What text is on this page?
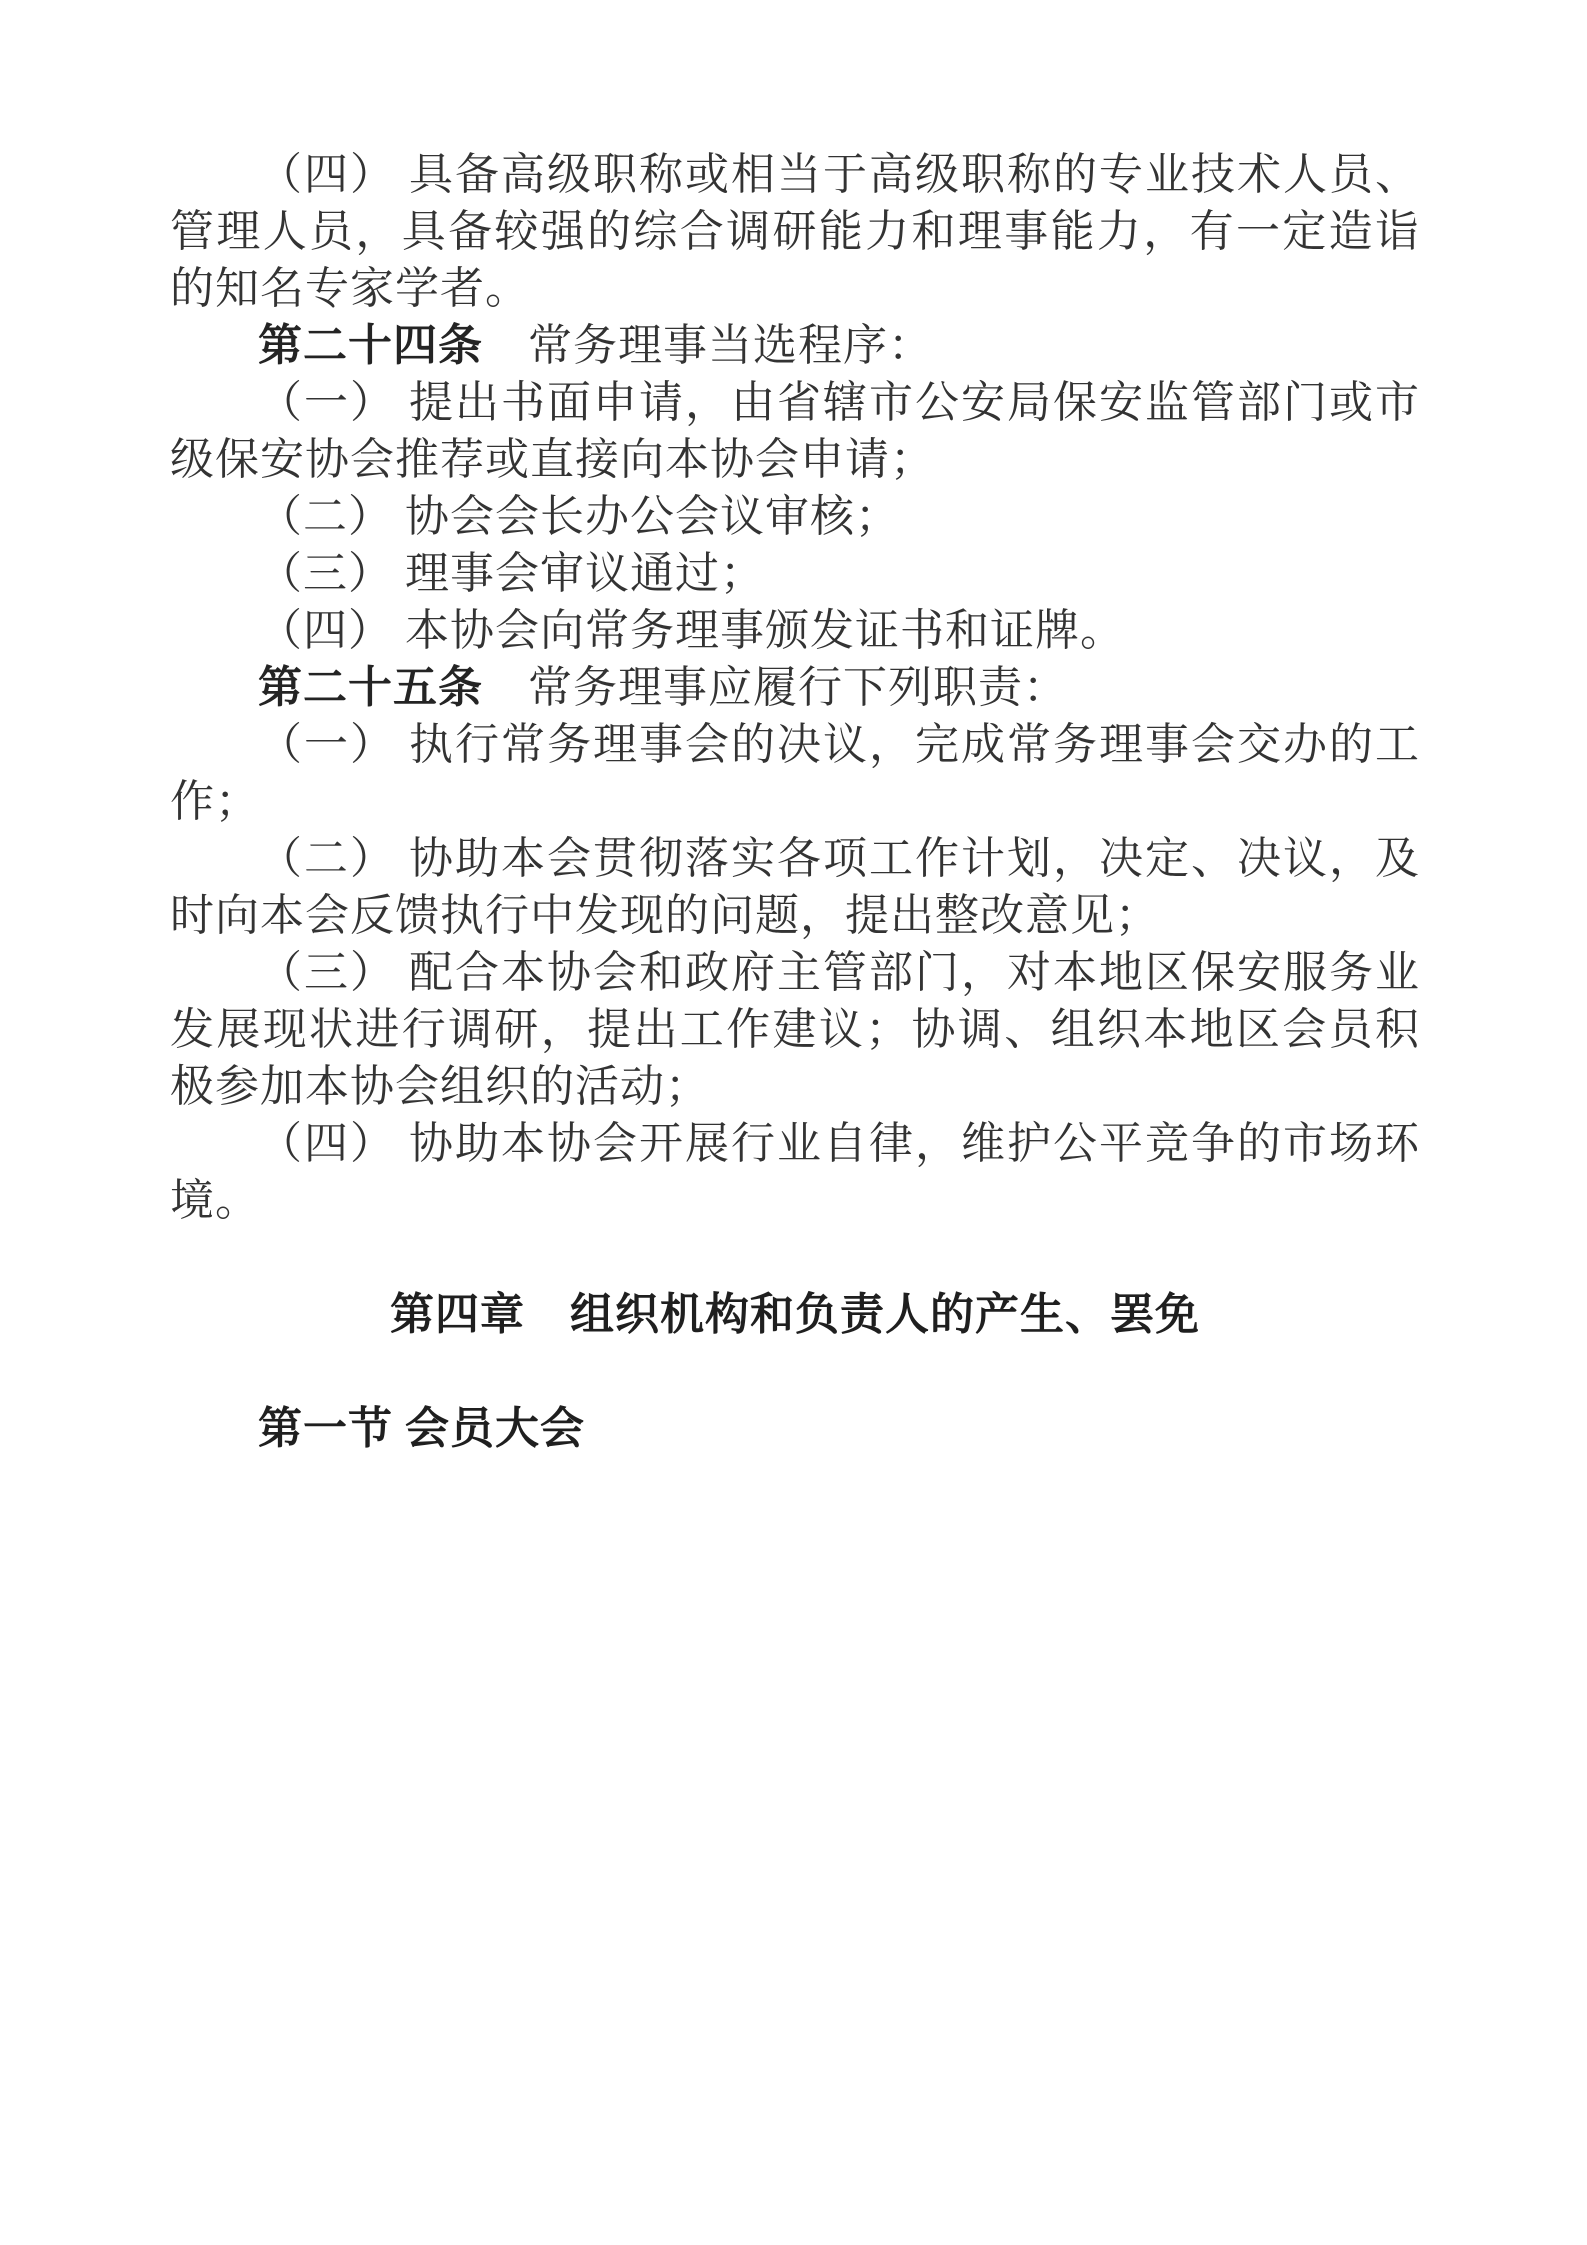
（四） 具备高级职称或相当于高级职称的专业技术人员、管理人员，具备较强的综合调研能力和理事能力，有一定造诣的知名专家学者。

第二十四条　常务理事当选程序：

（一） 提出书面申请，由省辖市公安局保安监管部门或市级保安协会推荐或直接向本协会申请；

（二） 协会会长办公会议审核；

（三） 理事会审议通过；

（四） 本协会向常务理事颁发证书和证牌。

第二十五条　常务理事应履行下列职责：

（一） 执行常务理事会的决议，完成常务理事会交办的工作；

（二） 协助本会贯彻落实各项工作计划，决定、决议，及时向本会反馈执行中发现的问题，提出整改意见；

（三） 配合本协会和政府主管部门，对本地区保安服务业发展现状进行调研，提出工作建议；协调、组织本地区会员积极参加本协会组织的活动；

（四） 协助本协会开展行业自律，维护公平竞争的市场环境。

第四章　组织机构和负责人的产生、罢免

第一节 会员大会
